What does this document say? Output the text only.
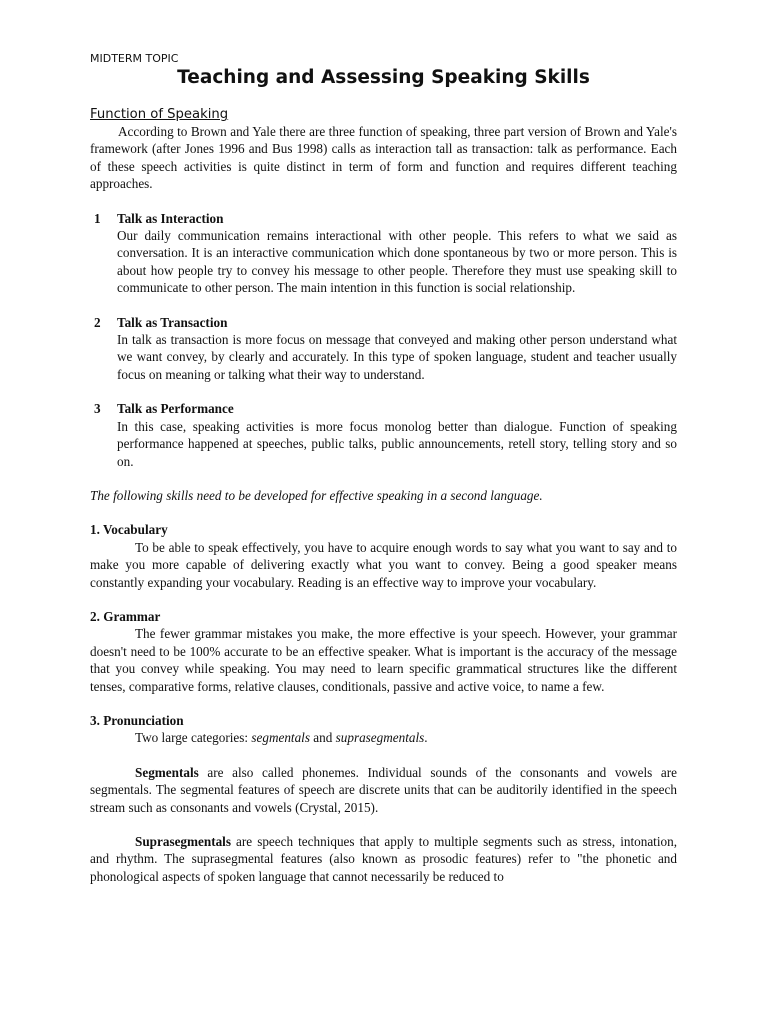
MIDTERM TOPIC
Teaching and Assessing Speaking Skills
Function of Speaking

According to Brown and Yale there are three function of speaking, three part version of Brown and Yale's framework (after Jones 1996 and Bus 1998) calls as interaction tall as transaction: talk as performance. Each of these speech activities is quite distinct in term of form and function and requires different teaching approaches.

1	Talk as Interaction

Our daily communication remains interactional with other people. This refers to what we said as conversation. It is an interactive communication which done spontaneous by two or more person. This is about how people try to convey his message to other people. Therefore they must use speaking skill to communicate to other person. The main intention in this function is social relationship.

2	Talk as Transaction

In talk as transaction is more focus on message that conveyed and making other person understand what we want convey, by clearly and accurately. In this type of spoken language, student and teacher usually focus on meaning or talking what their way to understand.

3	Talk as Performance

In this case, speaking activities is more focus monolog better than dialogue. Function of speaking performance happened at speeches, public talks, public announcements, retell story, telling story and so on.

The following skills need to be developed for effective speaking in a second language.

1. Vocabulary

To be able to speak effectively, you have to acquire enough words to say what you want to say and to make you more capable of delivering exactly what you want to convey. Being a good speaker means constantly expanding your vocabulary. Reading is an effective way to improve your vocabulary.

2. Grammar

The fewer grammar mistakes you make, the more effective is your speech. However, your grammar doesn't need to be 100% accurate to be an effective speaker. What is important is the accuracy of the message that you convey while speaking. You may need to learn specific grammatical structures like the different tenses, comparative forms, relative clauses, conditionals, passive and active voice, to name a few.

3. Pronunciation

Two large categories: segmentals and suprasegmentals.

Segmentals are also called phonemes. Individual sounds of the consonants and vowels are segmentals. The segmental features of speech are discrete units that can be auditorily identified in the speech stream such as consonants and vowels (Crystal, 2015).

Suprasegmentals are speech techniques that apply to multiple segments such as stress, intonation, and rhythm. The suprasegmental features (also known as prosodic features) refer to "the phonetic and phonological aspects of spoken language that cannot necessarily be reduced to
